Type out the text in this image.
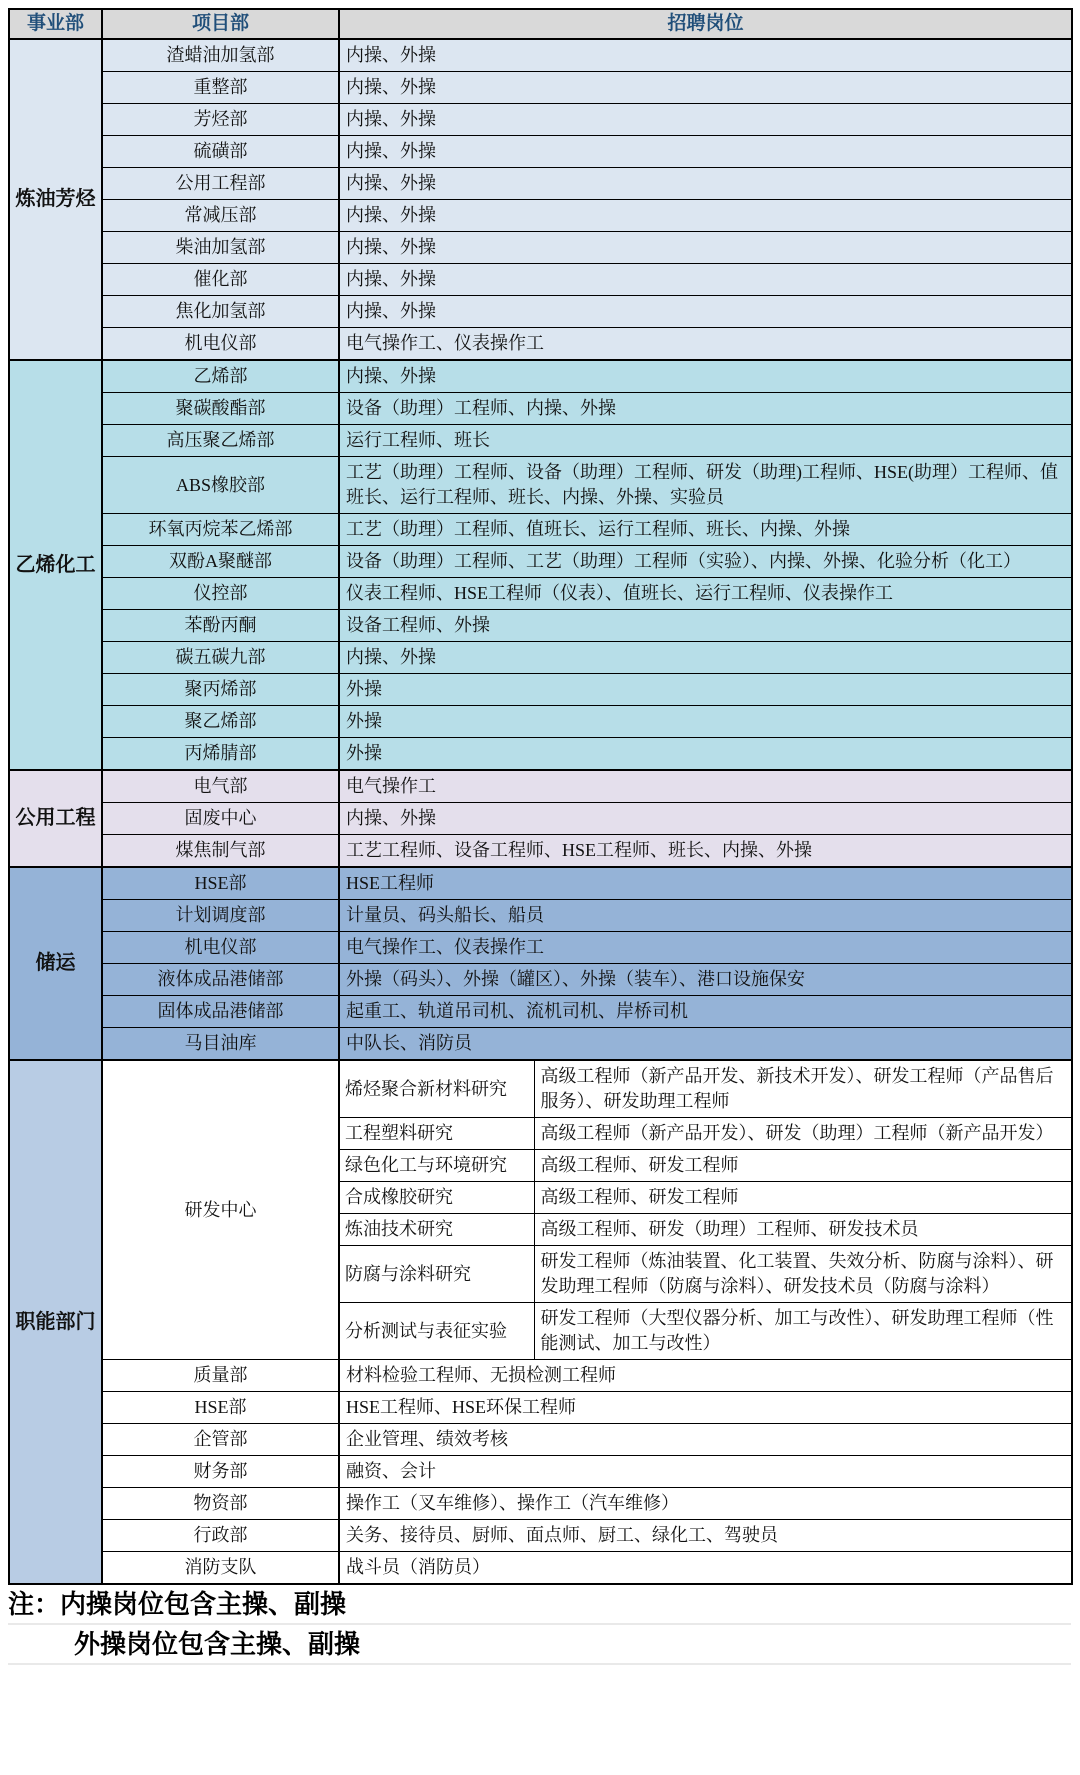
事业部	项目部	招聘岗位	
炼油芳烃	渣蜡油加氢部	内操、外操	
	重整部	内操、外操	
	芳烃部	内操、外操	
	硫磺部	内操、外操	
	公用工程部	内操、外操	
	常减压部	内操、外操	
	柴油加氢部	内操、外操	
	催化部	内操、外操	
	焦化加氢部	内操、外操	
	机电仪部	电气操作工、仪表操作工	
乙烯化工	乙烯部	内操、外操	
	聚碳酸酯部	设备（助理）工程师、内操、外操	
	高压聚乙烯部	运行工程师、班长	
	ABS橡胶部	工艺（助理）工程师、设备（助理）工程师、研发（助理)工程师、HSE(助理）工程师、值班长、运行工程师、班长、内操、外操、实验员	
	环氧丙烷苯乙烯部	工艺（助理）工程师、值班长、运行工程师、班长、内操、外操	
	双酚A聚醚部	设备（助理）工程师、工艺（助理）工程师（实验）、内操、外操、化验分析（化工）	
	仪控部	仪表工程师、HSE工程师（仪表）、值班长、运行工程师、仪表操作工	
	苯酚丙酮	设备工程师、外操	
	碳五碳九部	内操、外操	
	聚丙烯部	外操	
	聚乙烯部	外操	
	丙烯腈部	外操	
公用工程	电气部	电气操作工	
	固废中心	内操、外操	
	煤焦制气部	工艺工程师、设备工程师、HSE工程师、班长、内操、外操	
储运	HSE部	HSE工程师	
	计划调度部	计量员、码头船长、船员	
	机电仪部	电气操作工、仪表操作工	
	液体成品港储部	外操（码头）、外操（罐区）、外操（装车）、港口设施保安	
	固体成品港储部	起重工、轨道吊司机、流机司机、岸桥司机	
	马目油库	中队长、消防员	
职能部门	研发中心	烯烃聚合新材料研究	高级工程师（新产品开发、新技术开发）、研发工程师（产品售后服务）、研发助理工程师
		工程塑料研究	高级工程师（新产品开发）、研发（助理）工程师（新产品开发）
		绿色化工与环境研究	高级工程师、研发工程师
		合成橡胶研究	高级工程师、研发工程师
		炼油技术研究	高级工程师、研发（助理）工程师、研发技术员
		防腐与涂料研究	研发工程师（炼油装置、化工装置、失效分析、防腐与涂料）、研发助理工程师（防腐与涂料）、研发技术员（防腐与涂料）
		分析测试与表征实验	研发工程师（大型仪器分析、加工与改性）、研发助理工程师（性能测试、加工与改性）
	质量部	材料检验工程师、无损检测工程师	
	HSE部	HSE工程师、HSE环保工程师	
	企管部	企业管理、绩效考核	
	财务部	融资、会计	
	物资部	操作工（叉车维修）、操作工（汽车维修）	
	行政部	关务、接待员、厨师、面点师、厨工、绿化工、驾驶员	
	消防支队	战斗员（消防员）	
注：内操岗位包含主操、副操
外操岗位包含主操、副操
